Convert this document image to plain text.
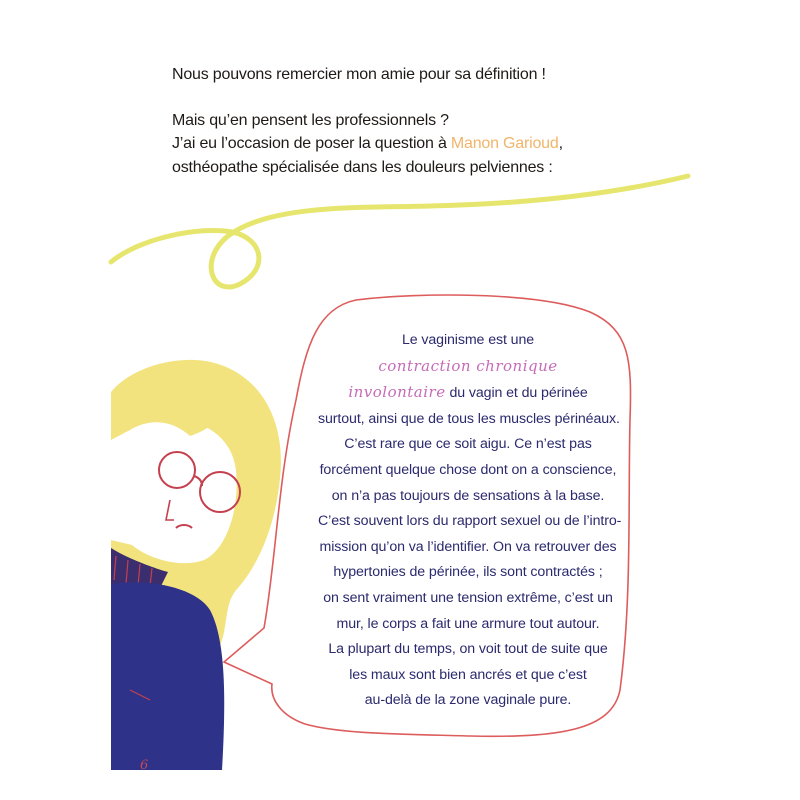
Nous pouvons remercier mon amie pour sa définition !

Mais qu’en pensent les professionnels ?

J’ai eu l’occasion de poser la question à Manon Garioud,

osthéopathe spécialisée dans les douleurs pelviennes :

Le vaginisme est une

contraction chronique

involontaire du vagin et du périnée

surtout, ainsi que de tous les muscles périnéaux.

C’est rare que ce soit aigu. Ce n’est pas

forcément quelque chose dont on a conscience,

on n’a pas toujours de sensations à la base.

C’est souvent lors du rapport sexuel ou de l’intro-

mission qu’on va l’identifier. On va retrouver des

hypertonies de périnée, ils sont contractés ;

on sent vraiment une tension extrême, c’est un

mur, le corps a fait une armure tout autour.

La plupart du temps, on voit tout de suite que

les maux sont bien ancrés et que c’est

au-delà de la zone vaginale pure.

6
